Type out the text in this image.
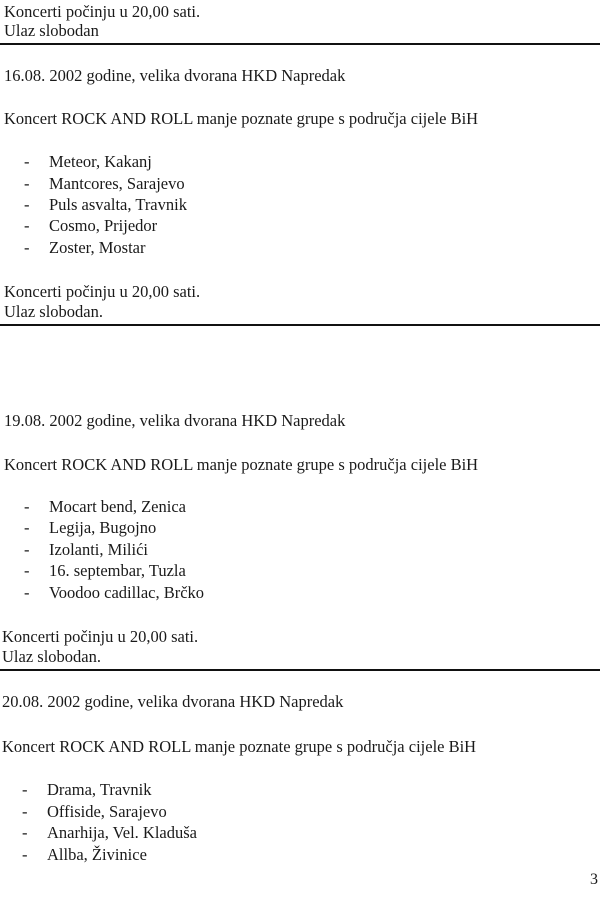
Koncerti počinju u 20,00 sati.
Ulaz slobodan
16.08. 2002 godine, velika dvorana HKD Napredak
Koncert ROCK AND ROLL manje poznate grupe s područja cijele BiH
- Meteor, Kakanj
- Mantcores, Sarajevo
- Puls asvalta, Travnik
- Cosmo, Prijedor
- Zoster, Mostar
Koncerti počinju u 20,00 sati.
Ulaz slobodan.
19.08. 2002 godine, velika dvorana HKD Napredak
Koncert ROCK AND ROLL manje poznate grupe s područja cijele BiH
- Mocart bend, Zenica
- Legija, Bugojno
- Izolanti, Milići
- 16. septembar, Tuzla
- Voodoo cadillac, Brčko
Koncerti počinju u 20,00 sati.
Ulaz slobodan.
20.08. 2002 godine, velika dvorana HKD Napredak
Koncert ROCK AND ROLL manje poznate grupe s područja cijele BiH
- Drama, Travnik
- Offiside, Sarajevo
- Anarhija, Vel. Kladuša
- Allba, Živinice
3
